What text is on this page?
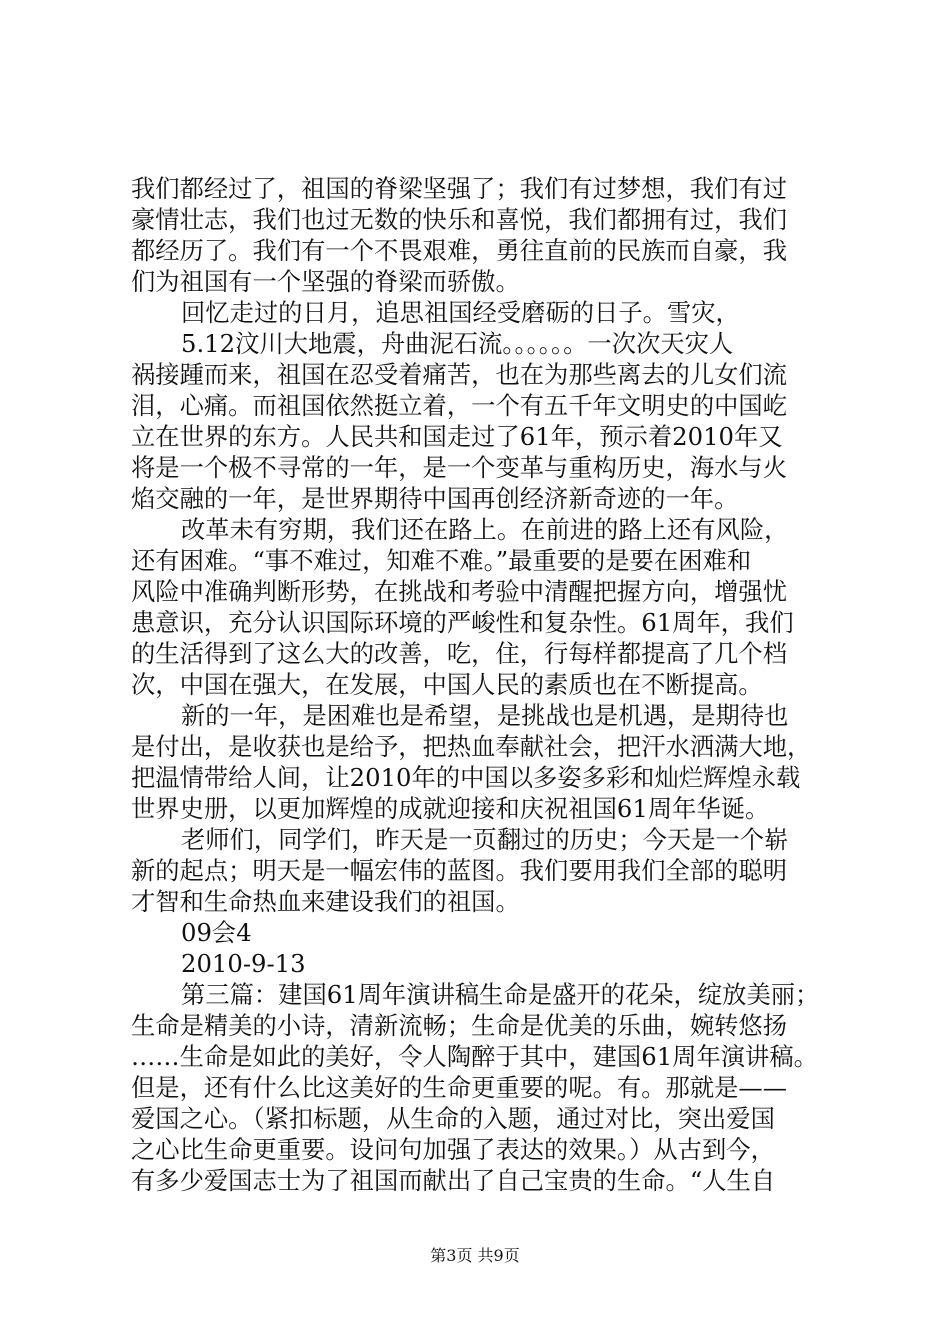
我们都经过了，祖国的脊梁坚强了；我们有过梦想，我们有过
豪情壮志，我们也过无数的快乐和喜悦，我们都拥有过，我们
都经历了。我们有一个不畏艰难，勇往直前的民族而自豪，我
们为祖国有一个坚强的脊梁而骄傲。
回忆走过的日月，追思祖国经受磨砺的日子。雪灾，
5.12汶川大地震，舟曲泥石流。。。。。。一次次天灾人
祸接踵而来，祖国在忍受着痛苦，也在为那些离去的儿女们流
泪，心痛。而祖国依然挺立着，一个有五千年文明史的中国屹
立在世界的东方。人民共和国走过了61年，预示着2010年又
将是一个极不寻常的一年，是一个变革与重构历史，海水与火
焰交融的一年，是世界期待中国再创经济新奇迹的一年。
改革未有穷期，我们还在路上。在前进的路上还有风险，
还有困难。“事不难过，知难不难。”最重要的是要在困难和
风险中准确判断形势，在挑战和考验中清醒把握方向，增强忧
患意识，充分认识国际环境的严峻性和复杂性。61周年，我们
的生活得到了这么大的改善，吃，住，行每样都提高了几个档
次，中国在强大，在发展，中国人民的素质也在不断提高。
新的一年，是困难也是希望，是挑战也是机遇，是期待也
是付出，是收获也是给予，把热血奉献社会，把汗水洒满大地，
把温情带给人间，让2010年的中国以多姿多彩和灿烂辉煌永载
世界史册，以更加辉煌的成就迎接和庆祝祖国61周年华诞。
老师们，同学们，昨天是一页翻过的历史；今天是一个崭
新的起点；明天是一幅宏伟的蓝图。我们要用我们全部的聪明
才智和生命热血来建设我们的祖国。
09会4
2010-9-13
第三篇：建国61周年演讲稿生命是盛开的花朵，绽放美丽；
生命是精美的小诗，清新流畅；生命是优美的乐曲，婉转悠扬
……生命是如此的美好，令人陶醉于其中，建国61周年演讲稿。
但是，还有什么比这美好的生命更重要的呢。有。那就是——
爱国之心。（紧扣标题，从生命的入题，通过对比，突出爱国
之心比生命更重要。设问句加强了表达的效果。）从古到今，
有多少爱国志士为了祖国而献出了自己宝贵的生命。“人生自
第3页 共9页
